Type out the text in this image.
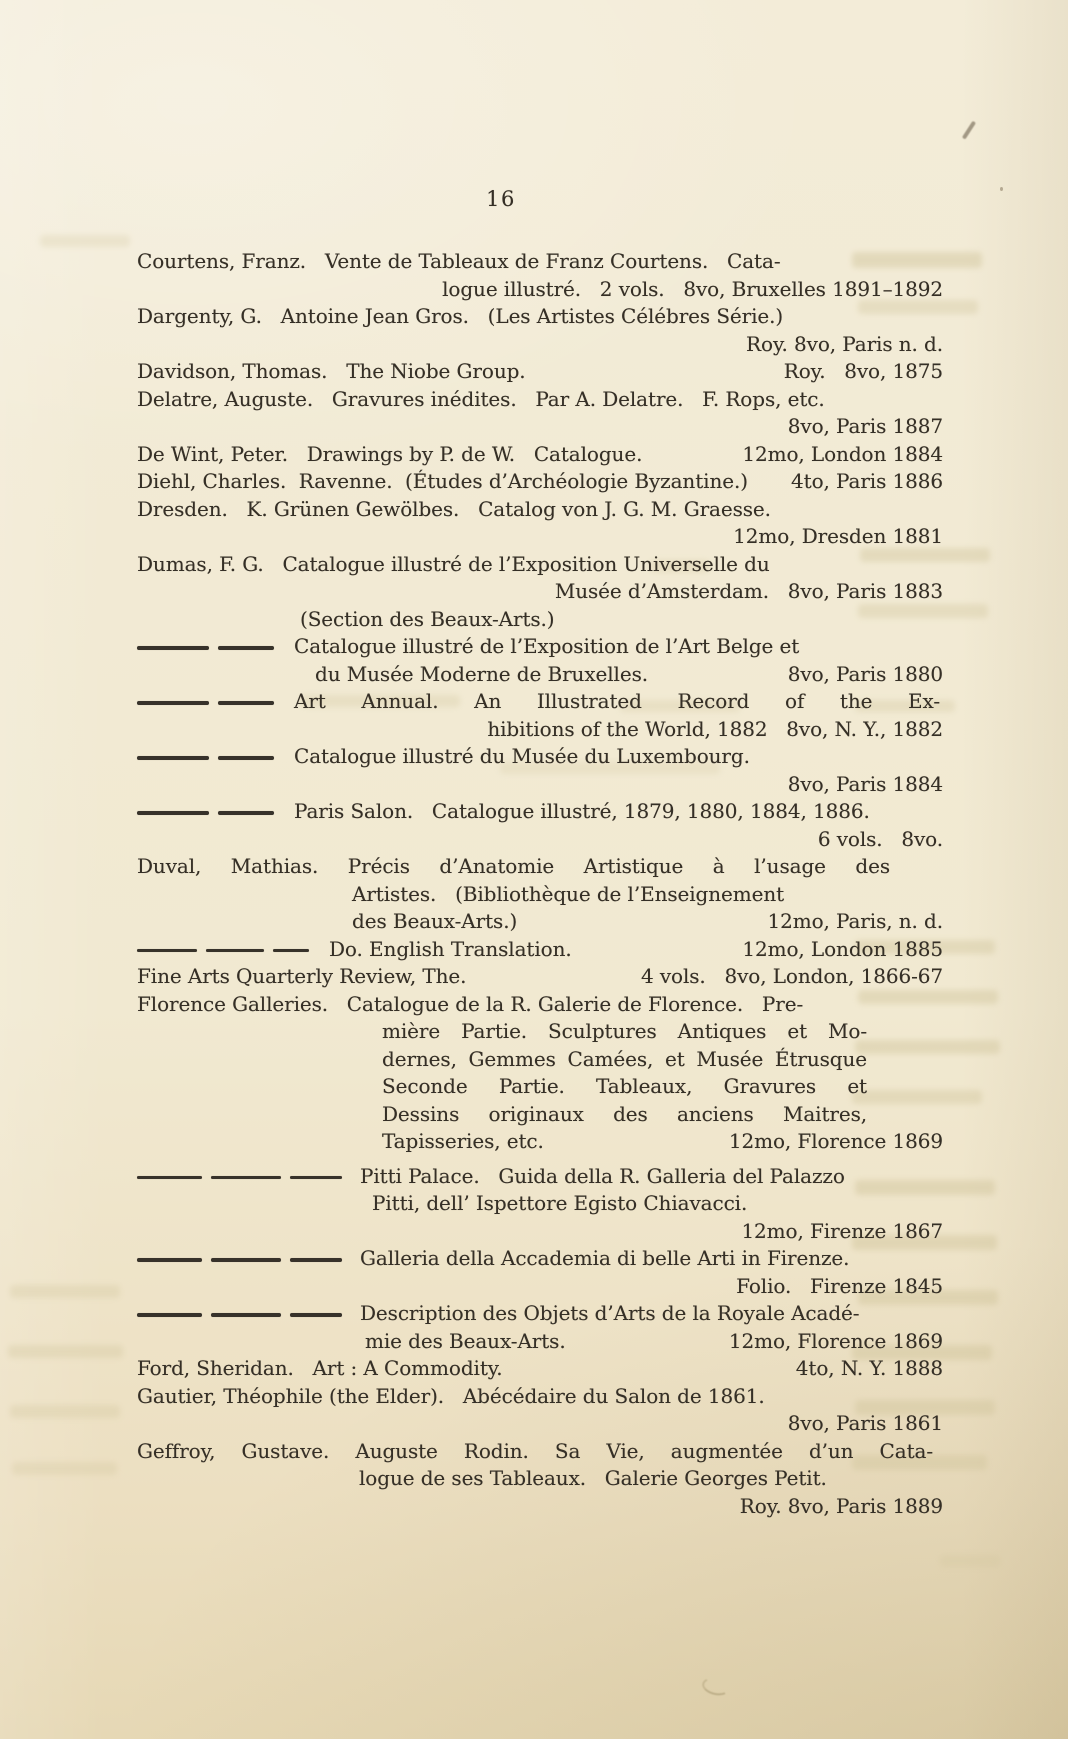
16
Courtens, Franz.   Vente de Tableaux de Franz Courtens.   Cata-
logue illustré.   2 vols.   8vo, Bruxelles 1891–1892
Dargenty, G.   Antoine Jean Gros.   (Les Artistes Célébres Série.)
Roy. 8vo, Paris n. d.
Davidson, Thomas.   The Niobe Group.	Roy.   8vo, 1875
Delatre, Auguste.   Gravures inédites.   Par A. Delatre.   F. Rops, etc.
8vo, Paris 1887
De Wint, Peter.   Drawings by P. de W.   Catalogue.	12mo, London 1884
Diehl, Charles.  Ravenne.  (Études d’Archéologie Byzantine.) 4to, Paris 1886
Dresden.   K. Grünen Gewölbes.   Catalog von J. G. M. Graesse.
12mo, Dresden 1881
Dumas, F. G.   Catalogue illustré de l’Exposition Universelle du
Musée d’Amsterdam.   8vo, Paris 1883
(Section des Beaux-Arts.)
Catalogue illustré de l’Exposition de l’Art Belge et
du Musée Moderne de Bruxelles.	8vo, Paris 1880
Art Annual. An Illustrated Record of the Ex-
hibitions of the World, 1882   8vo, N. Y., 1882
Catalogue illustré du Musée du Luxembourg.
8vo, Paris 1884
Paris Salon.   Catalogue illustré, 1879, 1880, 1884, 1886.
6 vols.   8vo.
Duval, Mathias. Précis d’Anatomie Artistique à l’usage des
Artistes.   (Bibliothèque de l’Enseignement
des Beaux-Arts.)	12mo, Paris, n. d.
Do. English Translation.	12mo, London 1885
Fine Arts Quarterly Review, The.	4 vols.   8vo, London, 1866-67
Florence Galleries.   Catalogue de la R. Galerie de Florence.   Pre-
mière Partie. Sculptures Antiques et Mo-
dernes, Gemmes Camées, et Musée Étrusque
Seconde Partie. Tableaux, Gravures et
Dessins originaux des anciens Maitres,
Tapisseries, etc.	12mo, Florence 1869
Pitti Palace.   Guida della R. Galleria del Palazzo
Pitti, dell’ Ispettore Egisto Chiavacci.
12mo, Firenze 1867
Galleria della Accademia di belle Arti in Firenze.
Folio.   Firenze 1845
Description des Objets d’Arts de la Royale Acadé-
mie des Beaux-Arts.	12mo, Florence 1869
Ford, Sheridan.   Art : A Commodity.	4to, N. Y. 1888
Gautier, Théophile (the Elder).   Abécédaire du Salon de 1861.
8vo, Paris 1861
Geffroy, Gustave. Auguste Rodin. Sa Vie, augmentée d’un Cata-
logue de ses Tableaux.   Galerie Georges Petit.
Roy. 8vo, Paris 1889
